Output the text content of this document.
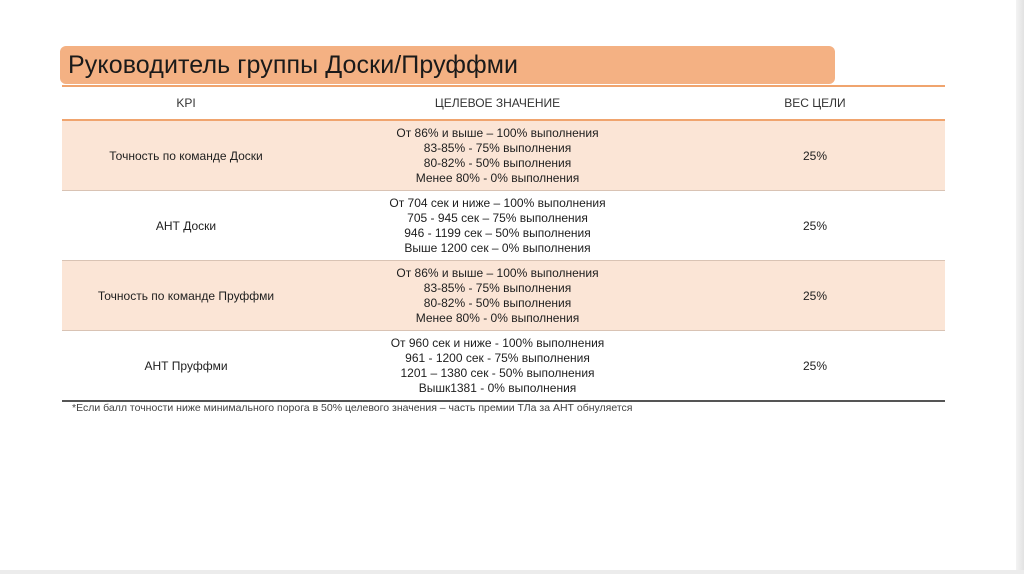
Руководитель группы Доски/Пруффми
KPI	ЦЕЛЕВОЕ ЗНАЧЕНИЕ	ВЕС ЦЕЛИ
Точность по команде Доски	От 86% и выше – 100% выполнения
83-85% - 75% выполнения
80-82% - 50% выполнения
Менее 80% - 0% выполнения	25%
АНТ Доски	От 704 сек и ниже – 100% выполнения
705 - 945 сек – 75% выполнения
946 - 1199 сек – 50% выполнения
Выше 1200 сек – 0% выполнения	25%
Точность по команде Пруффми	От 86% и выше – 100% выполнения
83-85% - 75% выполнения
80-82% - 50% выполнения
Менее 80% - 0% выполнения	25%
АНТ Пруффми	От 960 сек и ниже - 100% выполнения
961 - 1200 сек - 75% выполнения
1201 – 1380 сек - 50% выполнения
Вышк1381 - 0% выполнения	25%
*Если балл точности ниже минимального порога в 50% целевого значения – часть премии ТЛа за АНТ обнуляется
